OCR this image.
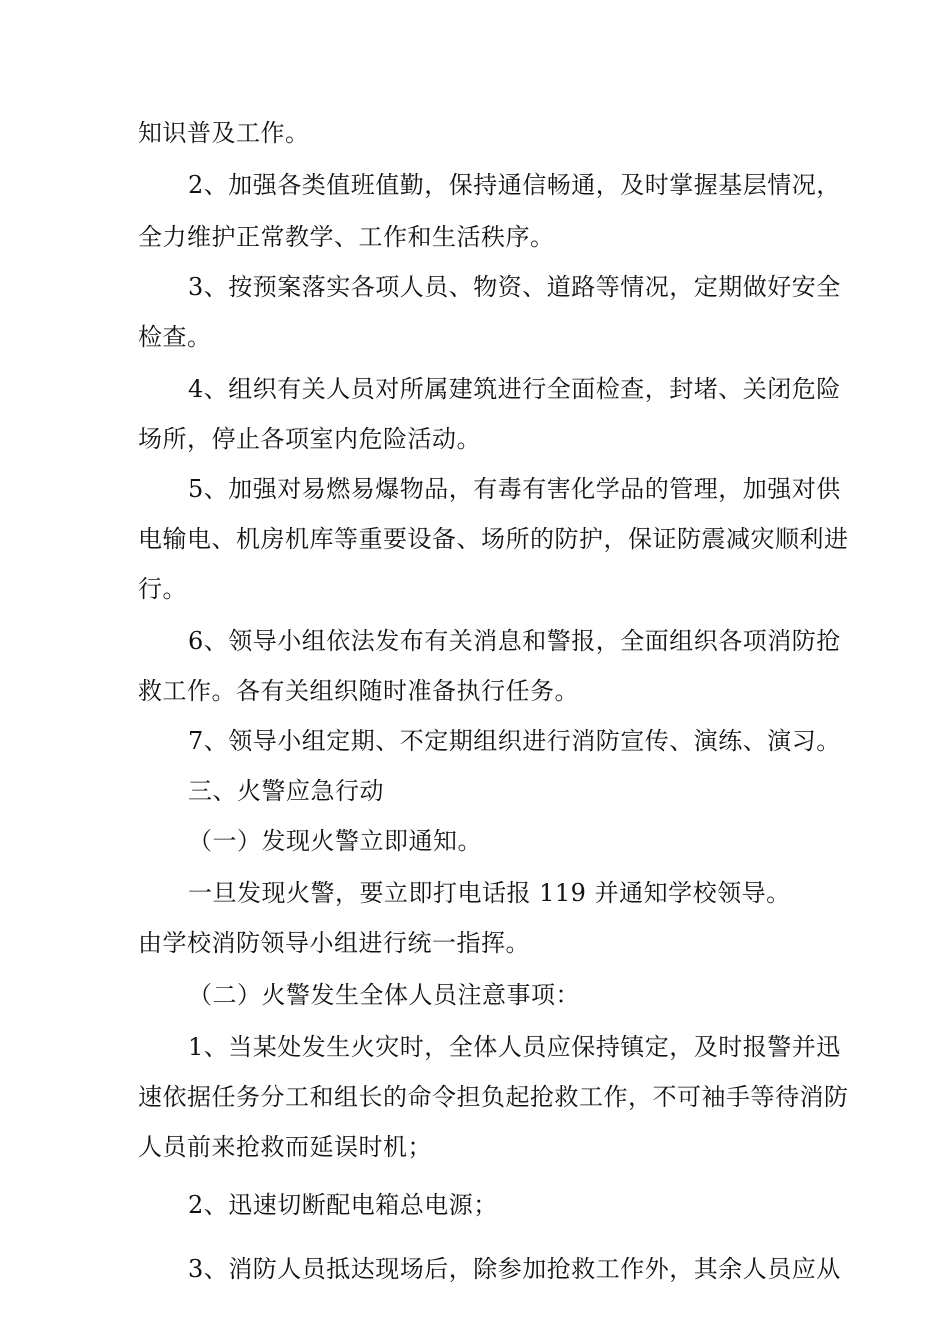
知识普及工作。
2、加强各类值班值勤，保持通信畅通，及时掌握基层情况，
全力维护正常教学、工作和生活秩序。
3、按预案落实各项人员、物资、道路等情况，定期做好安全
检查。
4、组织有关人员对所属建筑进行全面检查，封堵、关闭危险
场所，停止各项室内危险活动。
5、加强对易燃易爆物品，有毒有害化学品的管理，加强对供
电输电、机房机库等重要设备、场所的防护，保证防震减灾顺利进
行。
6、领导小组依法发布有关消息和警报，全面组织各项消防抢
救工作。各有关组织随时准备执行任务。
7、领导小组定期、不定期组织进行消防宣传、演练、演习。
三、火警应急行动
（一）发现火警立即通知。
一旦发现火警，要立即打电话报 119 并通知学校领导。
由学校消防领导小组进行统一指挥。
（二）火警发生全体人员注意事项：
1、当某处发生火灾时，全体人员应保持镇定，及时报警并迅
速依据任务分工和组长的命令担负起抢救工作，不可袖手等待消防
人员前来抢救而延误时机；
2、迅速切断配电箱总电源；
3、消防人员抵达现场后，除参加抢救工作外，其余人员应从
